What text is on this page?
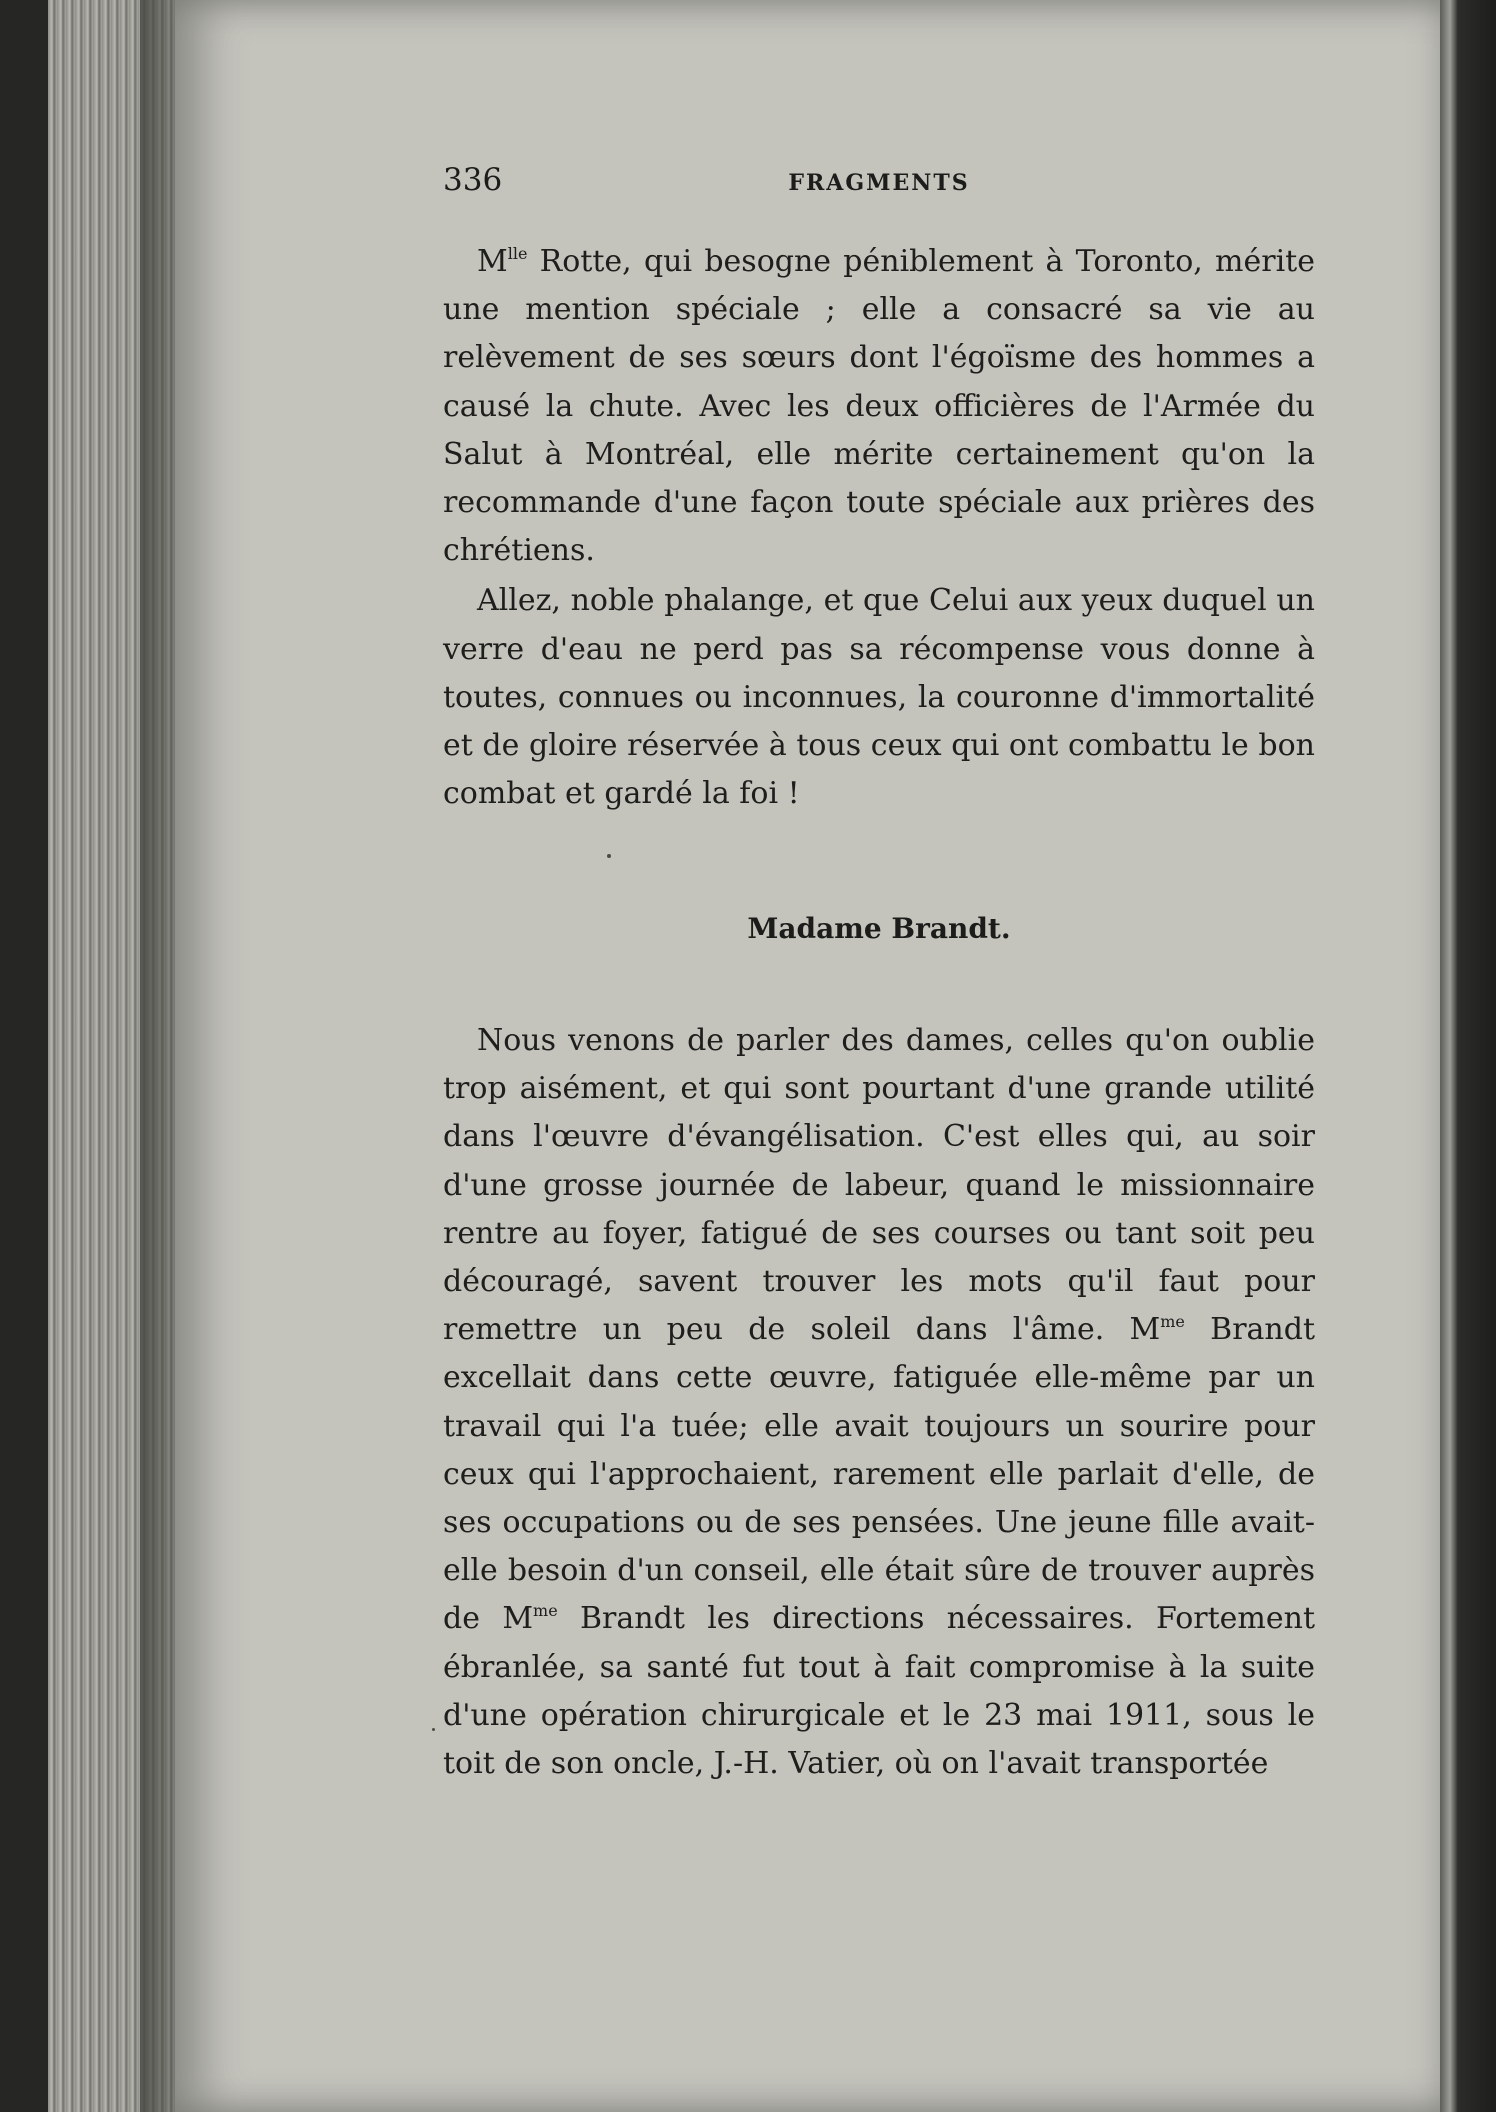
336	FRAGMENTS

$M^{lle}$ Rotte, qui besogne péniblement à Toronto, mérite une mention spéciale ; elle a consacré sa vie au relèvement de ses sœurs dont l'égoïsme des hommes a causé la chute. Avec les deux officières de l'Armée du Salut à Montréal, elle mérite certainement qu'on la recommande d'une façon toute spéciale aux prières des chrétiens.

Allez, noble phalange, et que Celui aux yeux duquel un verre d'eau ne perd pas sa récompense vous donne à toutes, connues ou inconnues, la couronne d'immortalité et de gloire réservée à tous ceux qui ont combattu le bon combat et gardé la foi !

Madame Brandt.

Nous venons de parler des dames, celles qu'on oublie trop aisément, et qui sont pourtant d'une grande utilité dans l'œuvre d'évangélisation. C'est elles qui, au soir d'une grosse journée de labeur, quand le missionnaire rentre au foyer, fatigué de ses courses ou tant soit peu découragé, savent trouver les mots qu'il faut pour remettre un peu de soleil dans l'âme. $M^{me}$ Brandt excellait dans cette œuvre, fatiguée elle-même par un travail qui l'a tuée; elle avait toujours un sourire pour ceux qui l'approchaient, rarement elle parlait d'elle, de ses occupations ou de ses pensées. Une jeune fille avait-elle besoin d'un conseil, elle était sûre de trouver auprès de $M^{me}$ Brandt les directions nécessaires. Fortement ébranlée, sa santé fut tout à fait compromise à la suite d'une opération chirurgicale et le 23 mai 1911, sous le toit de son oncle, J.-H. Vatier, où on l'avait transportée
